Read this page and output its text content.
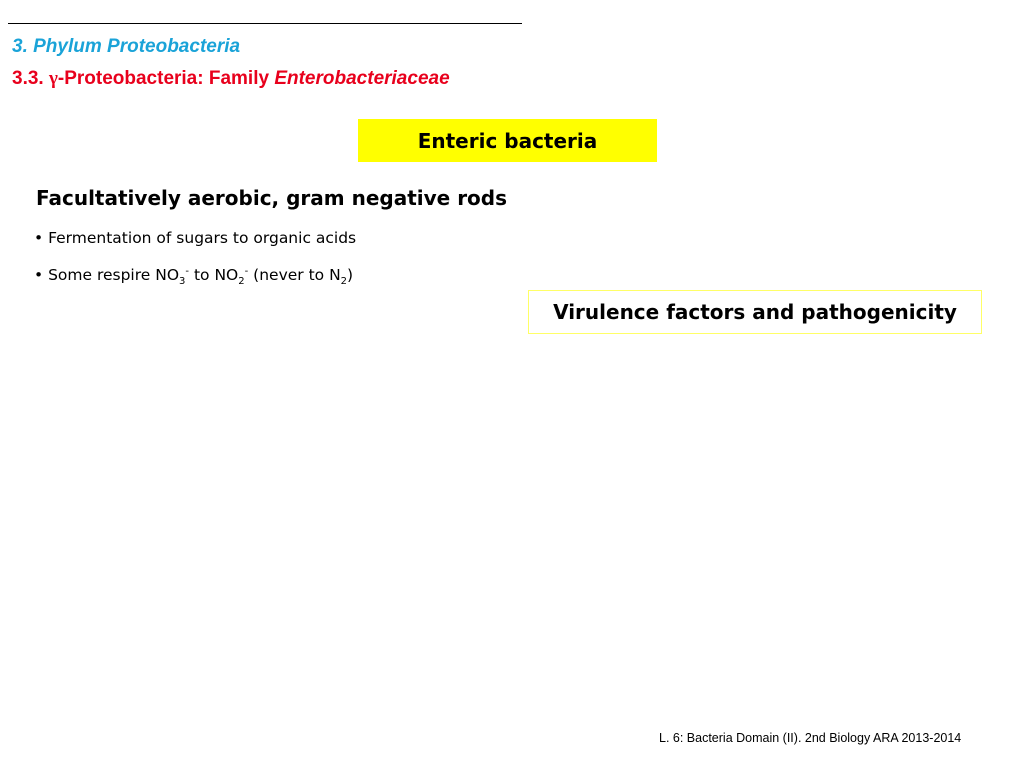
3. Phylum Proteobacteria
3.3. γ-Proteobacteria: Family Enterobacteriaceae
Enteric bacteria
Facultatively aerobic, gram negative rods
• Fermentation of sugars to organic acids
• Some respire $NO_3^-$ to $NO_2^-$ (never to $N_2$)
Virulence factors and pathogenicity
L. 6: Bacteria Domain (II). 2nd Biology ARA 2013-2014
